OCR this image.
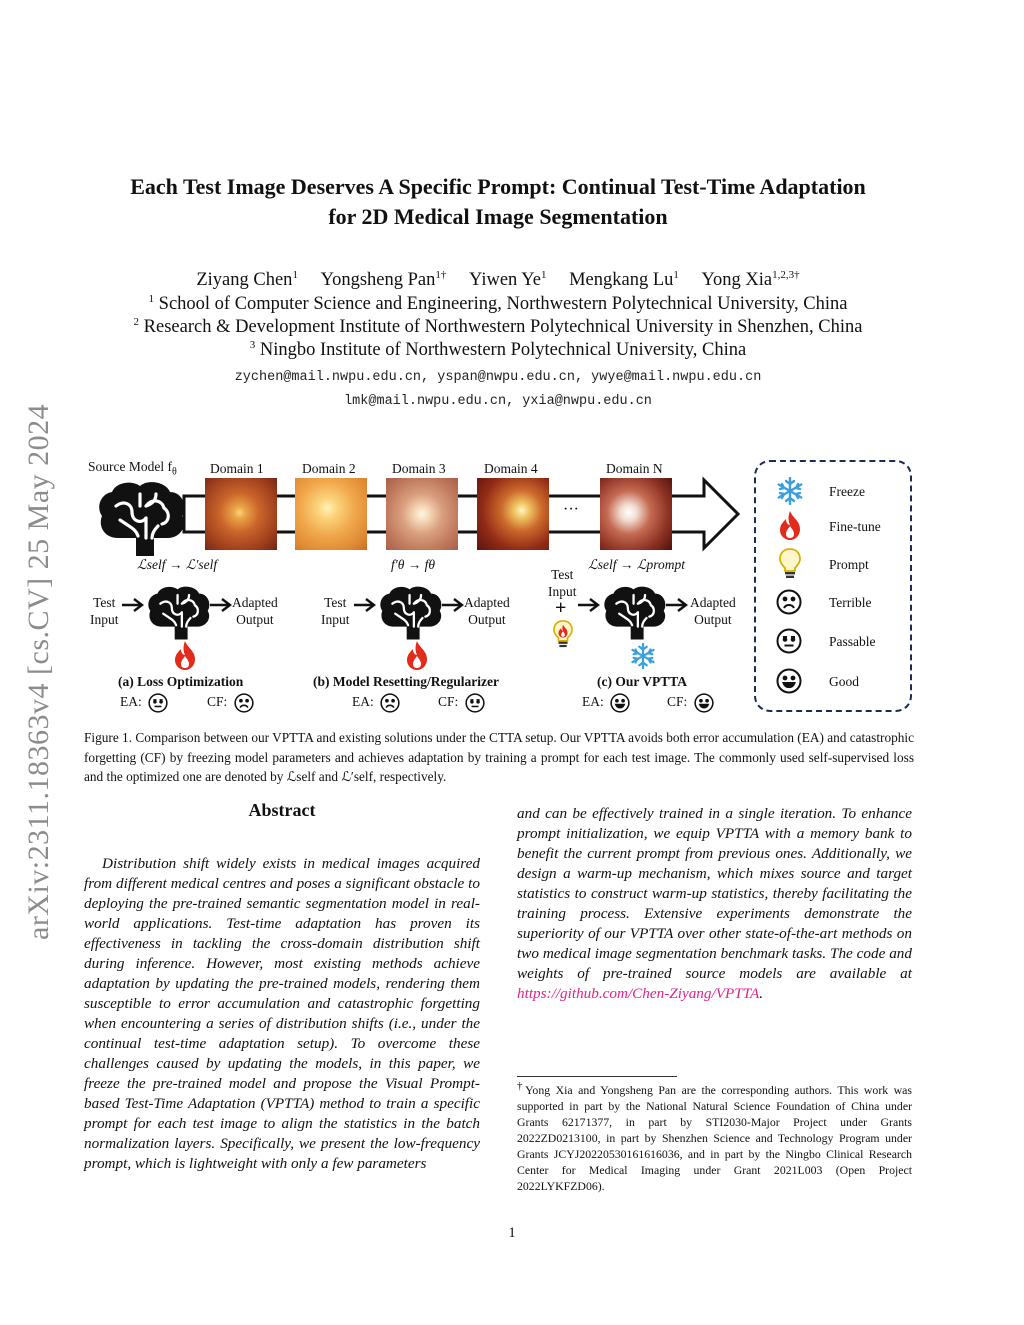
arXiv:2311.18363v4 [cs.CV] 25 May 2024
Each Test Image Deserves A Specific Prompt: Continual Test-Time Adaptation
for 2D Medical Image Segmentation
Ziyang Chen$^1$ Yongsheng Pan$^{1\dagger}$ Yiwen Ye$^1$ Mengkang Lu$^1$ Yong Xia$^{1,2,3\dagger}$
$^1$ School of Computer Science and Engineering, Northwestern Polytechnical University, China
$^2$ Research & Development Institute of Northwestern Polytechnical University in Shenzhen, China
$^3$ Ningbo Institute of Northwestern Polytechnical University, China
zychen@mail.nwpu.edu.cn, yspan@nwpu.edu.cn, ywye@mail.nwpu.edu.cn
lmk@mail.nwpu.edu.cn, yxia@nwpu.edu.cn
Source Model $f_\theta$ Domain 1	Domain 2	Domain 3	Domain 4	Domain N
···
ℒself → ℒ′self	f′θ → fθ	ℒself → ℒprompt
Test
Input
Adapted
Output
(a) Loss Optimization
EA:	CF:
Test
Input
Adapted
Output
(b) Model Resetting/Regularizer
EA:	CF:
Test
Input
+	Adapted
Output
(c) Our VPTTA
EA:	CF:
Freeze
Fine-tune
Prompt
Terrible
Passable
Good
Figure 1. Comparison between our VPTTA and existing solutions under the CTTA setup. Our VPTTA avoids both error accumulation (EA) and catastrophic forgetting (CF) by freezing model parameters and achieves adaptation by training a prompt for each test image. The commonly used self-supervised loss and the optimized one are denoted by ℒself and ℒ′self, respectively.
Abstract
Distribution shift widely exists in medical images acquired from different medical centres and poses a significant obstacle to deploying the pre-trained semantic segmentation model in real-world applications. Test-time adaptation has proven its effectiveness in tackling the cross-domain distribution shift during inference. However, most existing methods achieve adaptation by updating the pre-trained models, rendering them susceptible to error accumulation and catastrophic forgetting when encountering a series of distribution shifts (i.e., under the continual test-time adaptation setup). To overcome these challenges caused by updating the models, in this paper, we freeze the pre-trained model and propose the Visual Prompt-based Test-Time Adaptation (VPTTA) method to train a specific prompt for each test image to align the statistics in the batch normalization layers. Specifically, we present the low-frequency prompt, which is lightweight with only a few parameters
and can be effectively trained in a single iteration. To enhance prompt initialization, we equip VPTTA with a memory bank to benefit the current prompt from previous ones. Additionally, we design a warm-up mechanism, which mixes source and target statistics to construct warm-up statistics, thereby facilitating the training process. Extensive experiments demonstrate the superiority of our VPTTA over other state-of-the-art methods on two medical image segmentation benchmark tasks. The code and weights of pre-trained source models are available at https://github.com/Chen-Ziyang/VPTTA.
†Yong Xia and Yongsheng Pan are the corresponding authors. This work was supported in part by the National Natural Science Foundation of China under Grants 62171377, in part by STI2030-Major Project under Grants 2022ZD0213100, in part by Shenzhen Science and Technology Program under Grants JCYJ20220530161616036, and in part by the Ningbo Clinical Research Center for Medical Imaging under Grant 2021L003 (Open Project 2022LYKFZD06).
1
